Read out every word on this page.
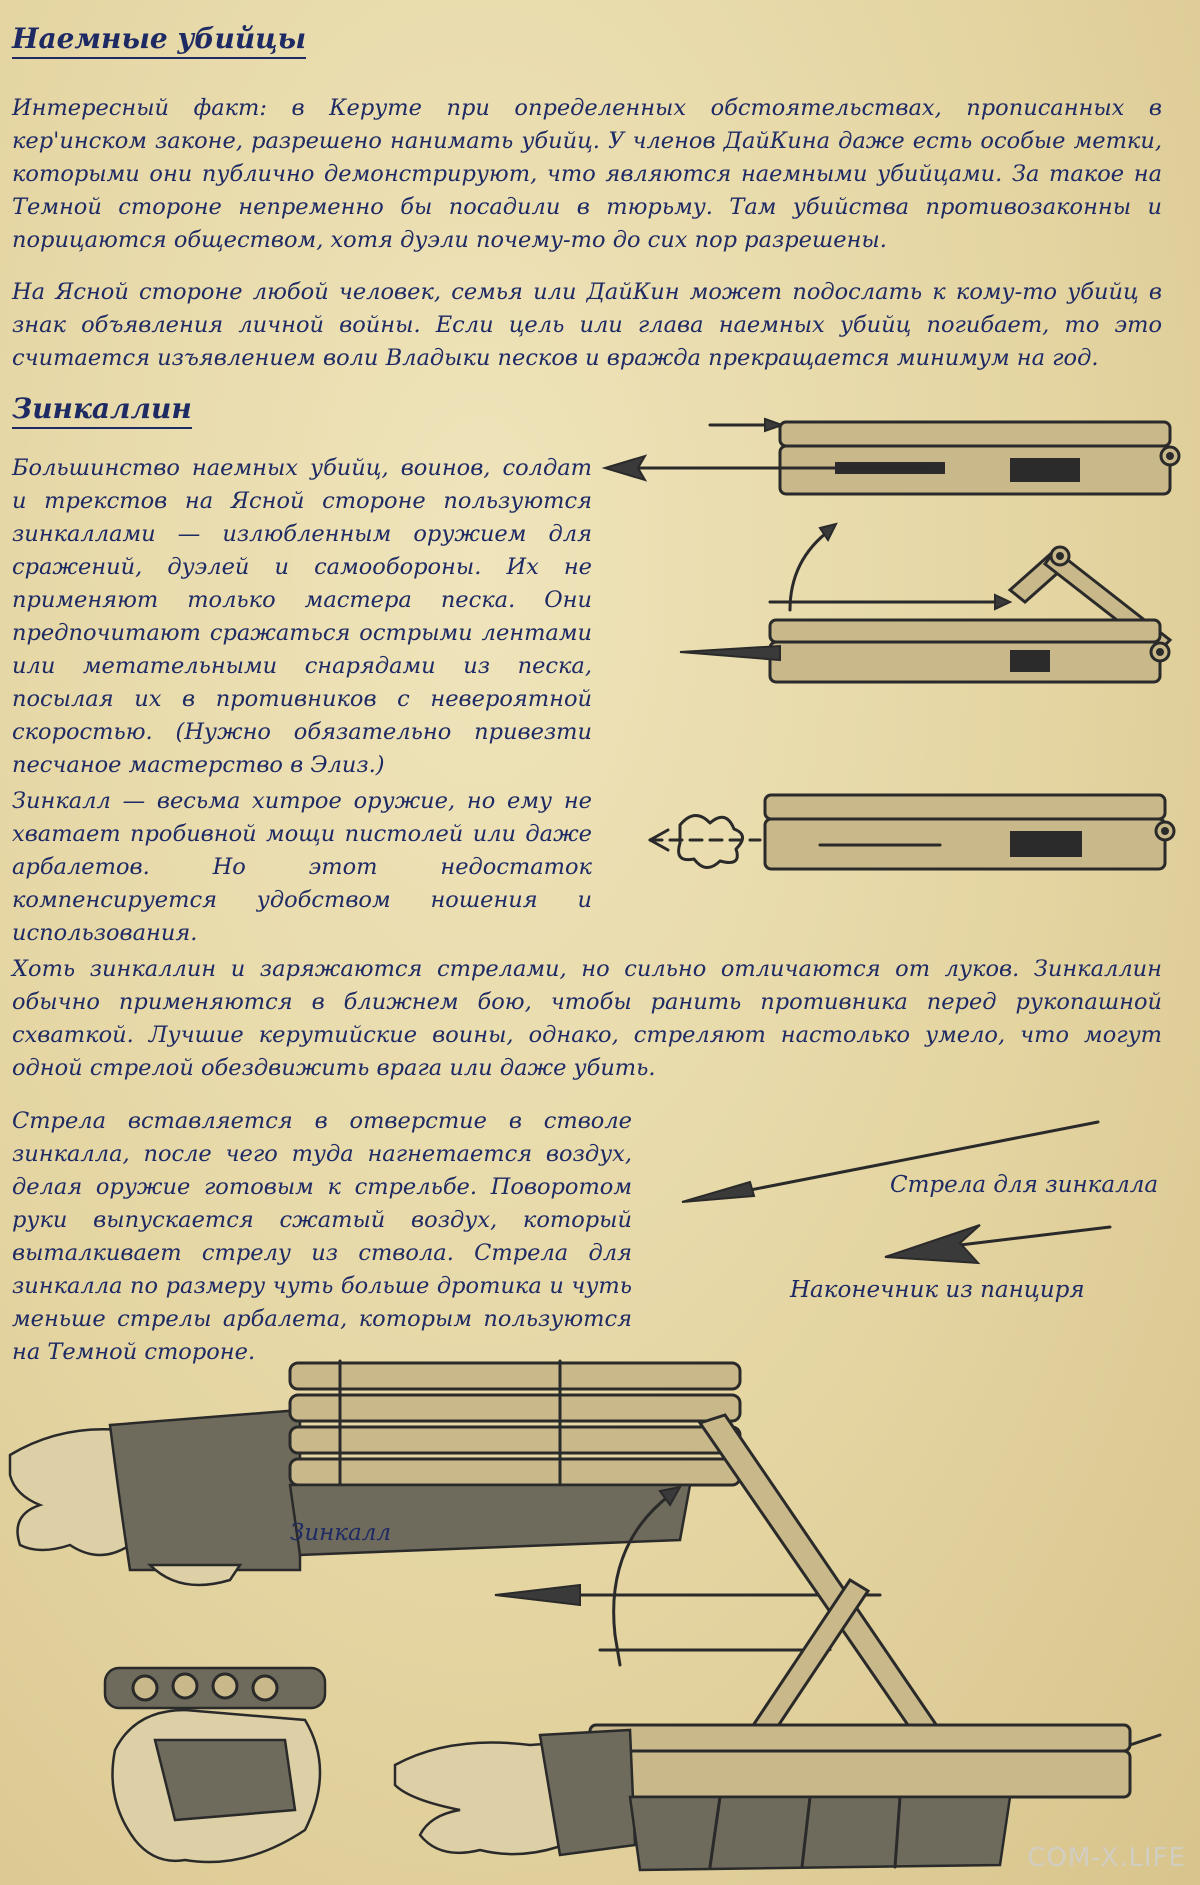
Наемные убийцы

Интересный факт: в Керуте при определенных обстоятельствах, прописанных в кер'инском законе, разрешено нанимать убийц. У членов ДайКина даже есть особые метки, которыми они публично демонстрируют, что являются наемными убийцами. За такое на Темной стороне непременно бы посадили в тюрьму. Там убийства противозаконны и порицаются обществом, хотя дуэли почему-то до сих пор разрешены.

На Ясной стороне любой человек, семья или ДайКин может подослать к кому-то убийц в знак объявления личной войны. Если цель или глава наемных убийц погибает, то это считается изъявлением воли Владыки песков и вражда прекращается минимум на год.

Зинкаллин

Большинство наемных убийц, воинов, солдат и трекстов на Ясной стороне пользуются зинкаллами — излюбленным оружием для сражений, дуэлей и самообороны. Их не применяют только мастера песка. Они предпочитают сражаться острыми лентами или метательными снарядами из песка, посылая их в противников с невероятной скоростью. (Нужно обязательно привезти песчаное мастерство в Элиз.)

Зинкалл — весьма хитрое оружие, но ему не хватает пробивной мощи пистолей или даже арбалетов. Но этот недостаток компенсируется удобством ношения и использования.

Хоть зинкаллин и заряжаются стрелами, но сильно отличаются от луков. Зинкаллин обычно применяются в ближнем бою, чтобы ранить противника перед рукопашной схваткой. Лучшие керутийские воины, однако, стреляют настолько умело, что могут одной стрелой обездвижить врага или даже убить.

Стрела вставляется в отверстие в стволе зинкалла, после чего туда нагнетается воздух, делая оружие готовым к стрельбе. Поворотом руки выпускается сжатый воздух, который выталкивает стрелу из ствола. Стрела для зинкалла по размеру чуть больше дротика и чуть меньше стрелы арбалета, которым пользуются на Темной стороне.

Стрела для зинкалла

Наконечник из панциря

Зинкалл

COM-X.LIFE
